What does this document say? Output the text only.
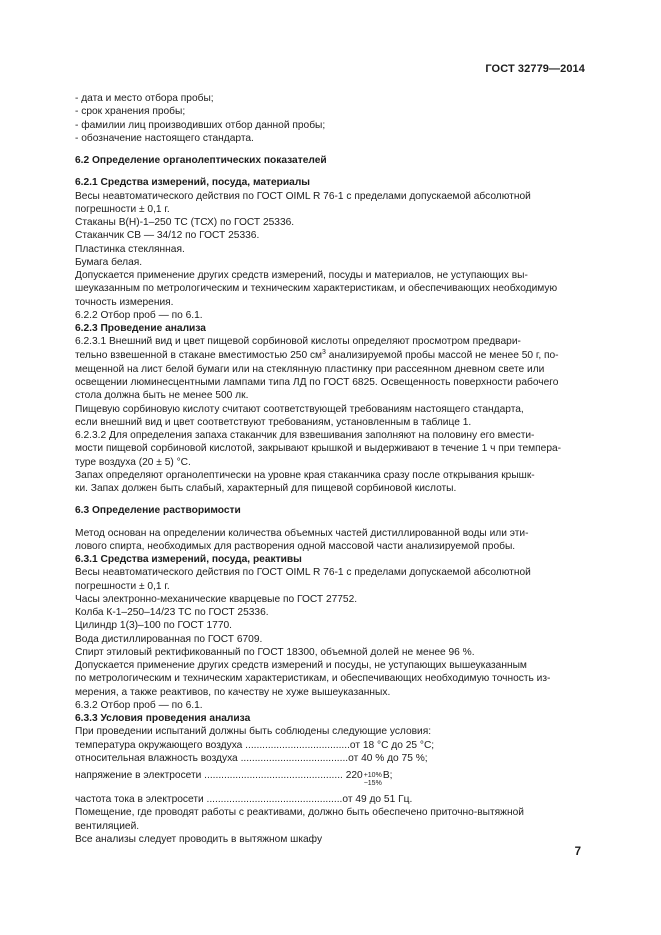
ГОСТ 32779—2014

- дата и место отбора пробы;

- срок хранения пробы;

- фамилии лиц производивших отбор данной пробы;

- обозначение настоящего стандарта.

6.2 Определение органолептических показателей

6.2.1 Средства измерений, посуда, материалы

Весы неавтоматического действия по ГОСТ OIML R 76-1 с пределами допускаемой абсолютной

погрешности ± 0,1 г.

Стаканы В(Н)-1–250 ТС (ТСХ) по ГОСТ 25336.

Стаканчик СВ — 34/12 по ГОСТ 25336.

Пластинка стеклянная.

Бумага белая.

Допускается применение других средств измерений, посуды и материалов, не уступающих вы-

шеуказанным по метрологическим и техническим характеристикам, и обеспечивающих необходимую

точность измерения.

6.2.2 Отбор проб — по 6.1.

6.2.3 Проведение анализа

6.2.3.1 Внешний вид и цвет пищевой сорбиновой кислоты определяют просмотром предвари-

тельно взвешенной в стакане вместимостью 250 $см^3$ анализируемой пробы массой не менее 50 г, по-

мещенной на лист белой бумаги или на стеклянную пластинку при рассеянном дневном свете или

освещении люминесцентными лампами типа ЛД по ГОСТ 6825. Освещенность поверхности рабочего

стола должна быть не менее 500 лк.

Пищевую сорбиновую кислоту считают соответствующей требованиям настоящего стандарта,

если внешний вид и цвет соответствуют требованиям, установленным в таблице 1.

6.2.3.2 Для определения запаха стаканчик для взвешивания заполняют на половину его вмести-

мости пищевой сорбиновой кислотой, закрывают крышкой и выдерживают в течение 1 ч при темпера-

туре воздуха (20 ± 5) °С.

Запах определяют органолептически на уровне края стаканчика сразу после открывания крышк-

ки. Запах должен быть слабый, характерный для пищевой сорбиновой кислоты.

6.3 Определение растворимости

Метод основан на определении количества объемных частей дистиллированной воды или эти-

лового спирта, необходимых для растворения одной массовой части анализируемой пробы.

6.3.1 Средства измерений, посуда, реактивы

Весы неавтоматического действия по ГОСТ OIML R 76-1 с пределами допускаемой абсолютной

погрешности ± 0,1 г.

Часы электронно-механические кварцевые по ГОСТ 27752.

Колба К-1–250–14/23 ТС по ГОСТ 25336.

Цилиндр 1(3)–100 по ГОСТ 1770.

Вода дистиллированная по ГОСТ 6709.

Спирт этиловый ректификованный по ГОСТ 18300, объемной долей не менее 96 %.

Допускается применение других средств измерений и посуды, не уступающих вышеуказанным

по метрологическим и техническим характеристикам, и обеспечивающих необходимую точность из-

мерения, а также реактивов, по качеству не хуже вышеуказанных.

6.3.2 Отбор проб — по 6.1.

6.3.3 Условия проведения анализа

При проведении испытаний должны быть соблюдены следующие условия:

температура окружающего воздуха ..................................... от 18 °С до 25 °С;

относительная влажность воздуха ...................................... от 40 % до 75 %;

напряжение в электросети ................................................. 220 +10%
−15%
В;

частота тока в электросети ................................................ от 49 до 51 Гц.

Помещение, где проводят работы с реактивами, должно быть обеспечено приточно-вытяжной

вентиляцией.

Все анализы следует проводить в вытяжном шкафу

7
